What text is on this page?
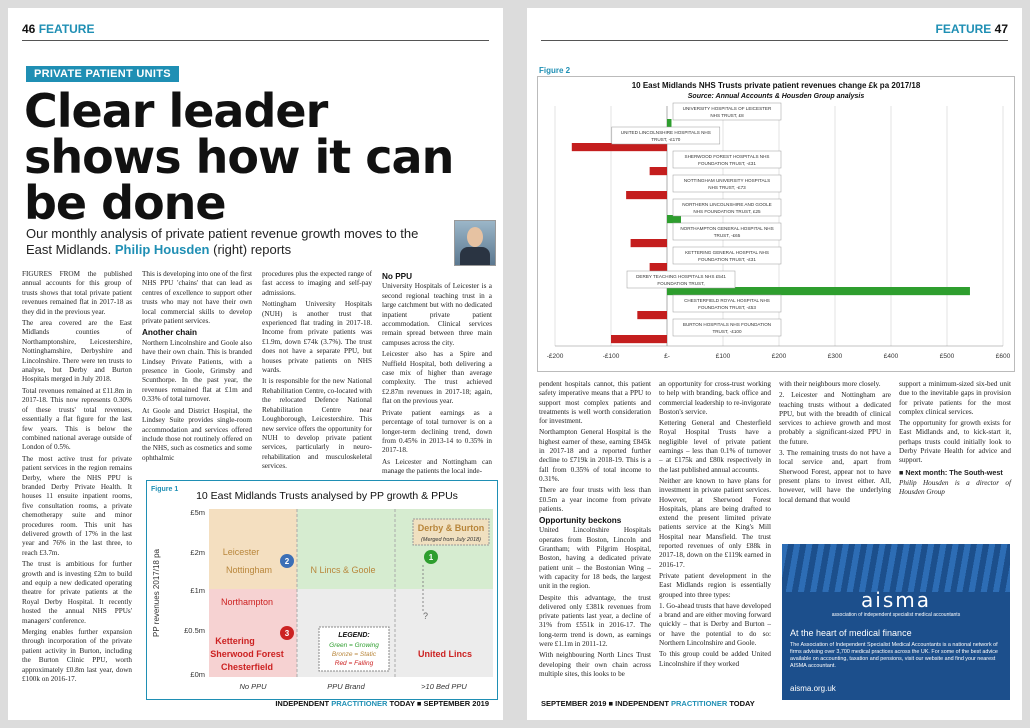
46 FEATURE
PRIVATE PATIENT UNITS
Clear leader shows how it can be done
Our monthly analysis of private patient revenue growth moves to the East Midlands. Philip Housden (right) reports

FIGURES FROM the published annual accounts for this group of trusts shows that total private patient revenues remained flat in 2017-18 as they did in the previous year.

The area covered are the East Midlands counties of Northamptonshire, Leicestershire, Nottinghamshire, Derbyshire and Lincolnshire. There were ten trusts to analyse, but Derby and Burton Hospitals merged in July 2018.

Total revenues remained at £11.8m in 2017-18. This now represents 0.30% of these trusts' total revenues, essentially a flat figure for the last few years. This is below the combined national average outside of London of 0.5%.

The most active trust for private patient services in the region remains Derby, where the NHS PPU is branded Derby Private Health. It houses 11 ensuite inpatient rooms, five consultation rooms, a private chemotherapy suite and minor procedures room. This unit has delivered growth of 17% in the last year and 76% in the last three, to reach £3.7m.

The trust is ambitious for further growth and is investing £2m to build and equip a new dedicated operating theatre for private patients at the Royal Derby Hospital. It recently hosted the annual NHS PPUs' managers' conference.

Merging enables further expansion through incorporation of the private patient activity in Burton, including the Burton Clinic PPU, worth approximately £0.8m last year, down £100k on 2016-17.

This is developing into one of the first NHS PPU 'chains' that can lead as centres of excellence to support other trusts who may not have their own local commercial skills to develop private patient services.

Another chain

Northern Lincolnshire and Goole also have their own chain. This is branded Lindsey Private Patients, with a presence in Goole, Grimsby and Scunthorpe. In the past year, the revenues remained flat at £1m and 0.33% of total turnover.

At Goole and District Hospital, the Lindsey Suite provides single-room accommodation and services offered include those not routinely offered on the NHS, such as cosmetics and some ophthalmic

procedures plus the expected range of fast access to imaging and self-pay admissions.

Nottingham University Hospitals (NUH) is another trust that experienced flat trading in 2017-18. Income from private patients was £1.9m, down £74k (3.7%). The trust does not have a separate PPU, but houses private patients on NHS wards.

It is responsible for the new National Rehabilitation Centre, co-located with the relocated Defence National Rehabilitation Centre near Loughborough, Leicestershire. This new service offers the opportunity for NUH to develop private patient services, particularly in neuro-rehabilitation and musculoskeletal services.

No PPU

University Hospitals of Leicester is a second regional teaching trust in a large catchment but with no dedicated inpatient private patient accommodation. Clinical services remain spread between three main campuses across the city.

Leicester also has a Spire and Nuffield Hospital, both delivering a case mix of higher than average complexity. The trust achieved £2.87m revenues in 2017-18; again, flat on the previous year.

Private patient earnings as a percentage of total turnover is on a longer-term declining trend, down from 0.45% in 2013-14 to 0.35% in 2017-18.

As Leicester and Nottingham can manage the patients the local inde-

Figure 1
10 East Midlands Trusts analysed by PP growth & PPUs
PP revenues 2017/18 pa
£5m
£2m
£1m
£0.5m
£0m
No PPU	PPU Brand	>10 Bed PPU
Derby & Burton
(Merged from July 2018)
Leicester
Nottingham	N Lincs & Goole
Northampton
Kettering
Sherwood Forest
Chesterfield
United Lincs
1
2
3
?
LEGEND:
Green = Growing
Bronze = Static
Red = Falling
INDEPENDENT PRACTITIONER TODAY ■ SEPTEMBER 2019
FEATURE 47
Figure 2
10 East Midlands NHS Trusts private patient revenues change £k pa 2017/18
Source: Annual Accounts & Housden Group analysis
UNIVERSITY HOSPITALS OF LEICESTER
NHS TRUST, £8
UNITED LINCOLNSHIRE HOSPITALS NHS
TRUST, -£170
SHERWOOD FOREST HOSPITALS NHS
FOUNDATION TRUST, -£31
NOTTINGHAM UNIVERSITY HOSPITALS
NHS TRUST, -£73
NORTHERN LINCOLNSHIRE AND GOOLE
NHS FOUNDATION TRUST, £25
NORTHAMPTON GENERAL HOSPITAL NHS
TRUST, -£65
KETTERING GENERAL HOSPITAL NHS
FOUNDATION TRUST, -£31
DERBY TEACHING HOSPITALS NHS £541
FOUNDATION TRUST,
CHESTERFIELD ROYAL HOSPITAL NHS
FOUNDATION TRUST, -£53
BURTON HOSPITALS NHS FOUNDATION
TRUST, -£100
-£200	-£100	£-	£100	£200	£300	£400	£500	£600

pendent hospitals cannot, this patient safety imperative means that a PPU to support most complex patients and treatments is well worth consideration for investment.

Northampton General Hospital is the highest earner of these, earning £845k in 2017-18 and a reported further decline to £719k in 2018-19. This is a fall from 0.35% of total income to 0.31%.

There are four trusts with less than £0.5m a year income from private patients.

Opportunity beckons

United Lincolnshire Hospitals operates from Boston, Lincoln and Grantham; with Pilgrim Hospital, Boston, having a dedicated private patient unit – the Bostonian Wing – with capacity for 18 beds, the largest unit in the region.

Despite this advantage, the trust delivered only £381k revenues from private patients last year, a decline of 31% from £551k in 2016-17. The long-term trend is down, as earnings were £1.1m in 2011-12.

With neighbouring North Lincs Trust developing their own chain across multiple sites, this looks to be

an opportunity for cross-trust working to help with branding, back office and commercial leadership to re-invigorate Boston's service.

Kettering General and Chesterfield Royal Hospital Trusts have a negligible level of private patient earnings – less than 0.1% of turnover – at £175k and £80k respectively in the last published annual accounts.

Neither are known to have plans for investment in private patient services. However, at Sherwood Forest Hospitals, plans are being drafted to extend the present limited private patients service at the King's Mill Hospital near Mansfield. The trust reported revenues of only £88k in 2017-18, down on the £119k earned in 2016-17.

Private patient development in the East Midlands region is essentially grouped into three types:

1. Go-ahead trusts that have developed a brand and are either moving forward quickly – that is Derby and Burton – or have the potential to do so: Northern Lincolnshire and Goole.

To this group could be added United Lincolnshire if they worked

with their neighbours more closely.

2. Leicester and Nottingham are teaching trusts without a dedicated PPU, but with the breadth of clinical services to achieve growth and most probably a significant-sized PPU in the future.

3. The remaining trusts do not have a local service and, apart from Sherwood Forest, appear not to have present plans to invest either. All, however, will have the underlying local demand that would

support a minimum-sized six-bed unit due to the inevitable gaps in provision for private patients for the most complex clinical services.

The opportunity for growth exists for East Midlands and, to kick-start it, perhaps trusts could initially look to Derby Private Health for advice and support.

■ Next month: The South-west

Philip Housden is a director of Housden Group

aisma
association of independent specialist medical accountants
At the heart of medical finance
The Association of Independent Specialist Medical Accountants is a national network of firms advising over 3,700 medical practices across the UK. For some of the best advice available on accounting, taxation and pensions, visit our website and find your nearest AISMA accountant.
aisma.org.uk
SEPTEMBER 2019 ■ INDEPENDENT PRACTITIONER TODAY
